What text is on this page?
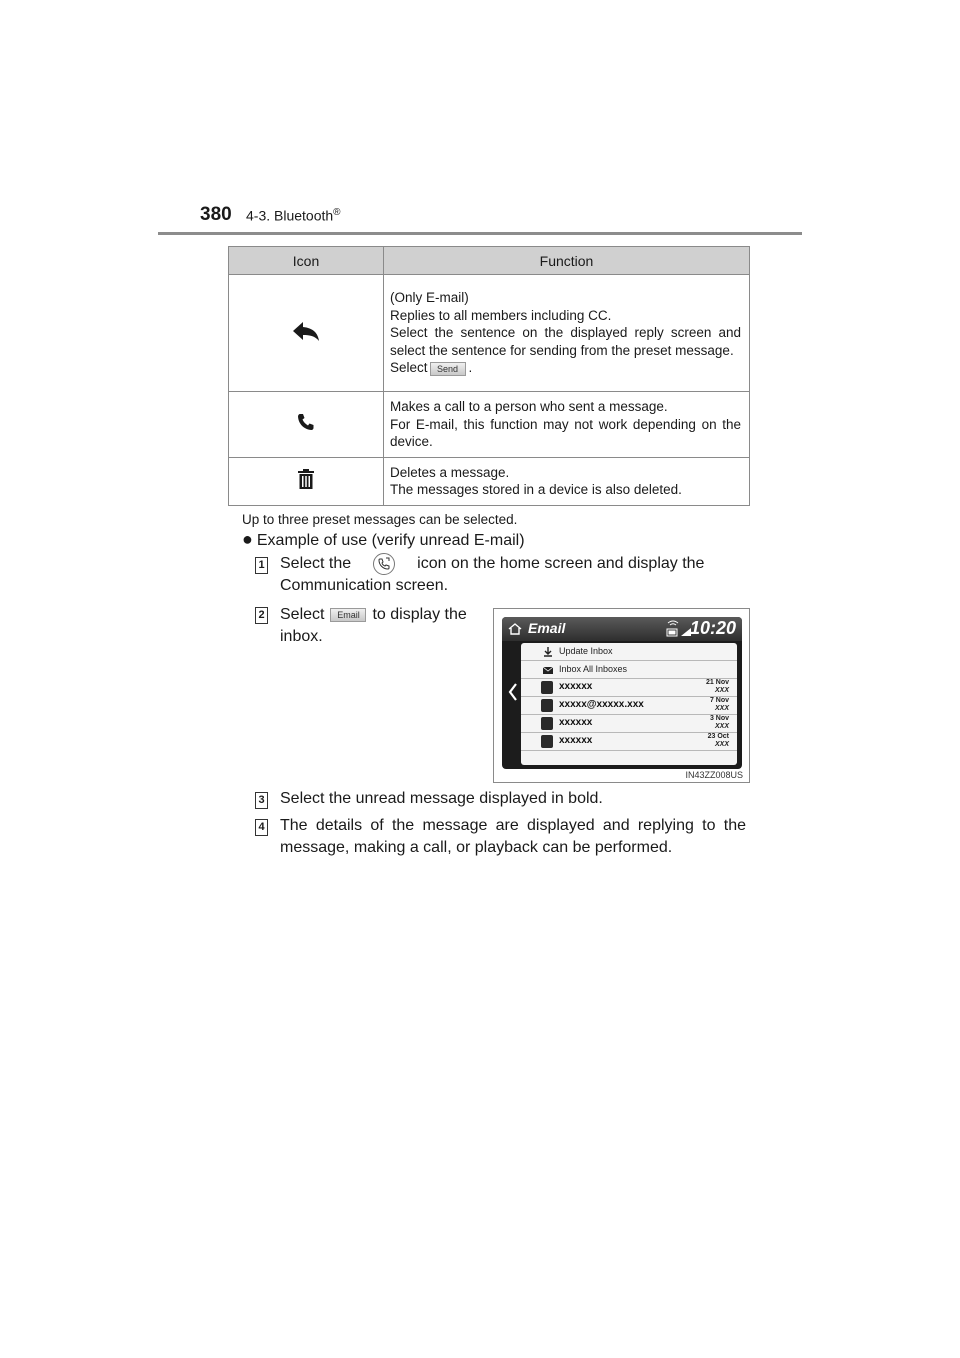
380 4-3. Bluetooth®
Icon	Function

(Only E-mail)
Replies to all members including CC.
Select the sentence on the displayed reply screen and select the sentence for sending from the preset message.
Select Send .

Makes a call to a person who sent a message.
For E-mail, this function may not work depending on the device.

Deletes a message.
The messages stored in a device is also deleted.
Up to three preset messages can be selected.
● Example of use (verify unread E-mail)
1 Select the	icon on the home screen and display the Communication screen.
2 Select Email to display the inbox.	Email	10:20
Update Inbox
Inbox All Inboxes
xxxxxx	21 Nov
XXX
xxxxx@xxxxx.xxx	7 Nov
XXX
xxxxxx	3 Nov
XXX
xxxxxx	23 Oct
XXX
IN43ZZ008US
3 Select the unread message displayed in bold.
4 The details of the message are displayed and replying to the message, making a call, or playback can be performed.
